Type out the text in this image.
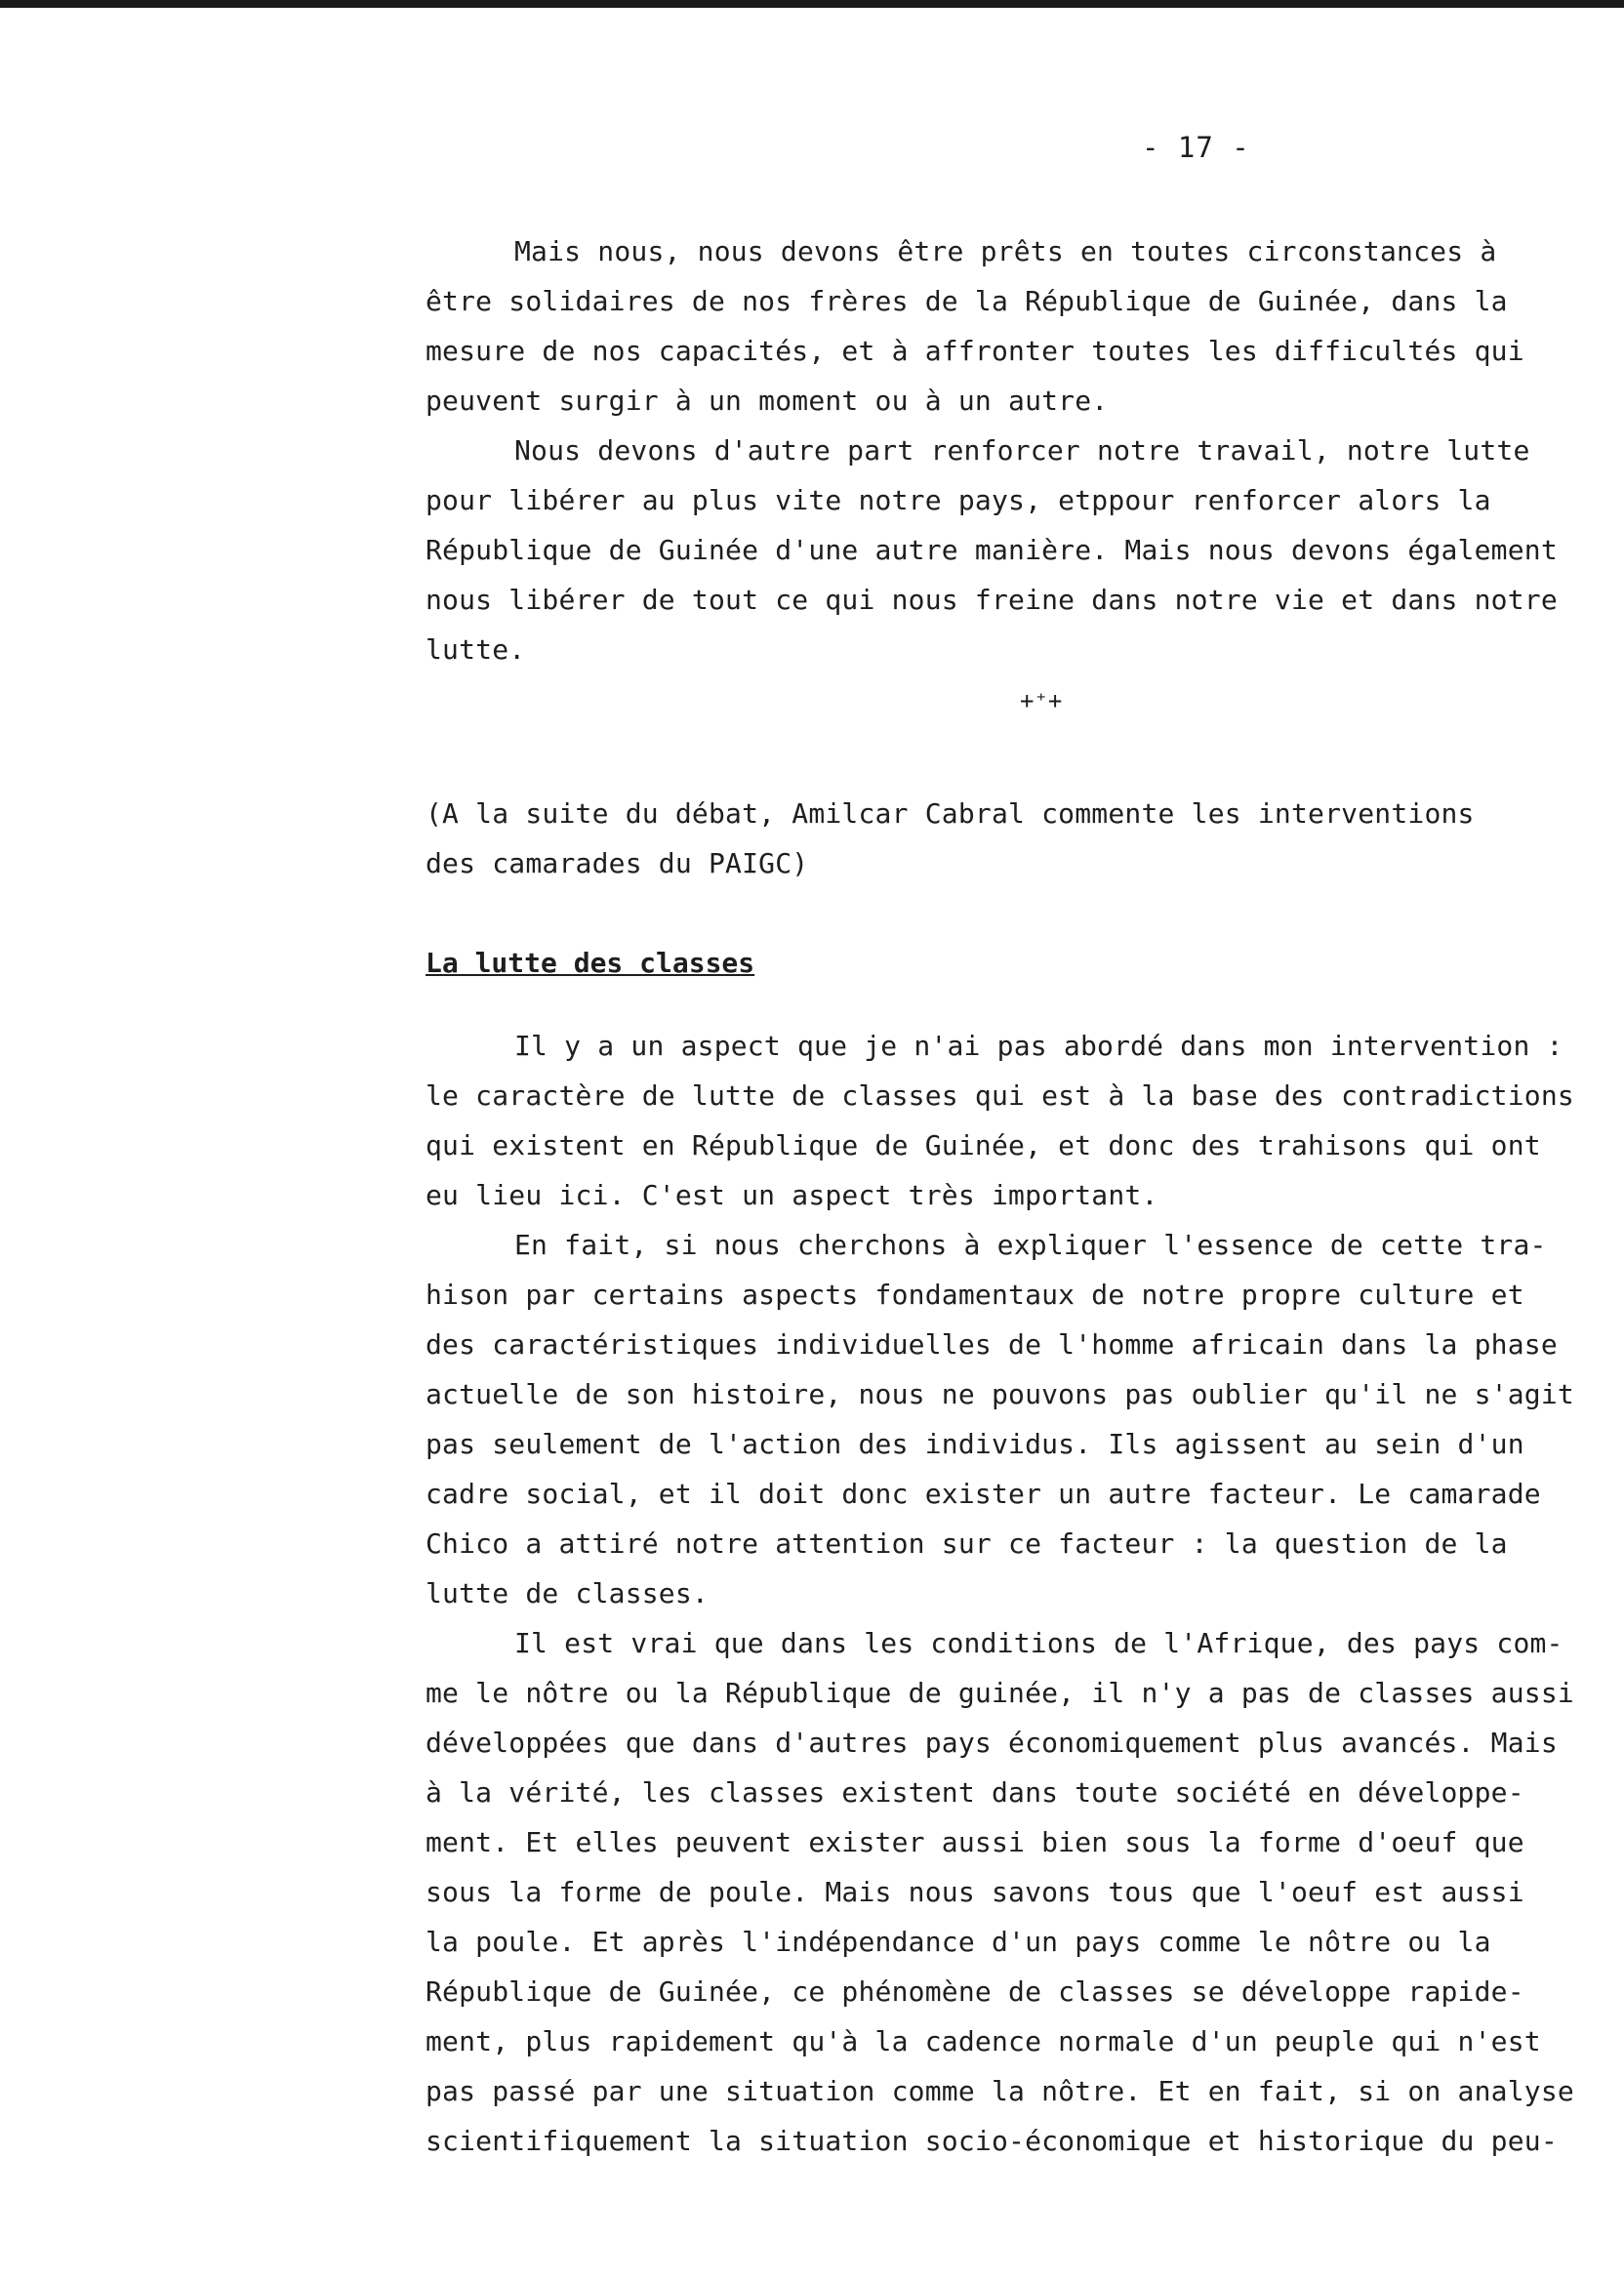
- 17 -
Mais nous, nous devons être prêts en toutes circonstances à
être solidaires de nos frères de la République de Guinée, dans la
mesure de nos capacités, et à affronter toutes les difficultés qui
peuvent surgir à un moment ou à un autre.
Nous devons d'autre part renforcer notre travail, notre lutte
pour libérer au plus vite notre pays, etppour renforcer alors la
République de Guinée d'une autre manière. Mais nous devons également
nous libérer de tout ce qui nous freine dans notre vie et dans notre
lutte.
+⁺+
(A la suite du débat, Amilcar Cabral commente les interventions
des camarades du PAIGC)
La lutte des classes
Il y a un aspect que je n'ai pas abordé dans mon intervention :
le caractère de lutte de classes qui est à la base des contradictions
qui existent en République de Guinée, et donc des trahisons qui ont
eu lieu ici. C'est un aspect très important.
En fait, si nous cherchons à expliquer l'essence de cette tra-
hison par certains aspects fondamentaux de notre propre culture et
des caractéristiques individuelles de l'homme africain dans la phase
actuelle de son histoire, nous ne pouvons pas oublier qu'il ne s'agit
pas seulement de l'action des individus. Ils agissent au sein d'un
cadre social, et il doit donc exister un autre facteur. Le camarade
Chico a attiré notre attention sur ce facteur : la question de la
lutte de classes.
Il est vrai que dans les conditions de l'Afrique, des pays com-
me le nôtre ou la République de guinée, il n'y a pas de classes aussi
développées que dans d'autres pays économiquement plus avancés. Mais
à la vérité, les classes existent dans toute société en développe-
ment. Et elles peuvent exister aussi bien sous la forme d'oeuf que
sous la forme de poule. Mais nous savons tous que l'oeuf est aussi
la poule. Et après l'indépendance d'un pays comme le nôtre ou la
République de Guinée, ce phénomène de classes se développe rapide-
ment, plus rapidement qu'à la cadence normale d'un peuple qui n'est
pas passé par une situation comme la nôtre. Et en fait, si on analyse
scientifiquement la situation socio-économique et historique du peu-
